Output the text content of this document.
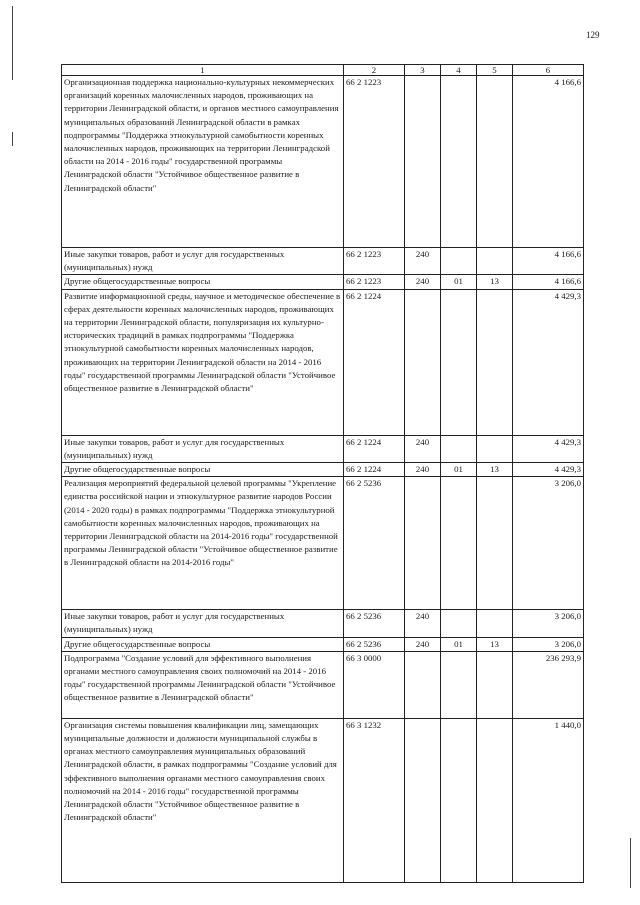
129
1	2	3	4	5	6
Организационная поддержка национально-культурных некоммерческих организаций коренных малочисленных народов, проживающих на территории Ленинградской области, и органов местного самоуправления муниципальных образований Ленинградской области в рамках подпрограммы "Поддержка этнокультурной самобытности коренных малочисленных народов, проживающих на территории Ленинградской области на 2014 - 2016 годы" государственной программы Ленинградской области "Устойчивое общественное развитие в Ленинградской области"	66 2 1223				4 166,6
Иные закупки товаров, работ и услуг для государственных (муниципальных) нужд	66 2 1223	240			4 166,6
Другие общегосударственные вопросы	66 2 1223	240	01	13	4 166,6
Развитие информационной среды, научное и методическое обеспечение в сферах деятельности коренных малочисленных народов, проживающих на территории Ленинградской области, популяризация их культурно-исторических традиций в рамках подпрограммы "Поддержка этнокультурной самобытности коренных малочисленных народов, проживающих на территории Ленинградской области на 2014 - 2016 годы" государственной программы Ленинградской области "Устойчивое общественное развитие в Ленинградской области"	66 2 1224				4 429,3
Иные закупки товаров, работ и услуг для государственных (муниципальных) нужд	66 2 1224	240			4 429,3
Другие общегосударственные вопросы	66 2 1224	240	01	13	4 429,3
Реализация мероприятий федеральной целевой программы "Укрепление единства российской нации и этнокультурное развитие народов России (2014 - 2020 годы) в рамках подпрограммы "Поддержка этнокультурной самобытности коренных малочисленных народов, проживающих на территории Ленинградской области на 2014-2016 годы" государственной программы Ленинградской области "Устойчивое общественное развитие в Ленинградской области на 2014-2016 годы"	66 2 5236				3 206,0
Иные закупки товаров, работ и услуг для государственных (муниципальных) нужд	66 2 5236	240			3 206,0
Другие общегосударственные вопросы	66 2 5236	240	01	13	3 206,0
Подпрограмма "Создание условий для эффективного выполнения органами местного самоуправления своих полномочий на 2014 - 2016 годы" государственной программы Ленинградской области "Устойчивое общественное развитие в Ленинградской области"	66 3 0000				236 293,9
Организация системы повышения квалификации лиц, замещающих муниципальные должности и должности муниципальной службы в органах местного самоуправления муниципальных образований Ленинградской области, в рамках подпрограммы "Создание условий для эффективного выполнения органами местного самоуправления своих полномочий на 2014 - 2016 годы" государственной программы Ленинградской области "Устойчивое общественное развитие в Ленинградской области"	66 3 1232				1 440,0
